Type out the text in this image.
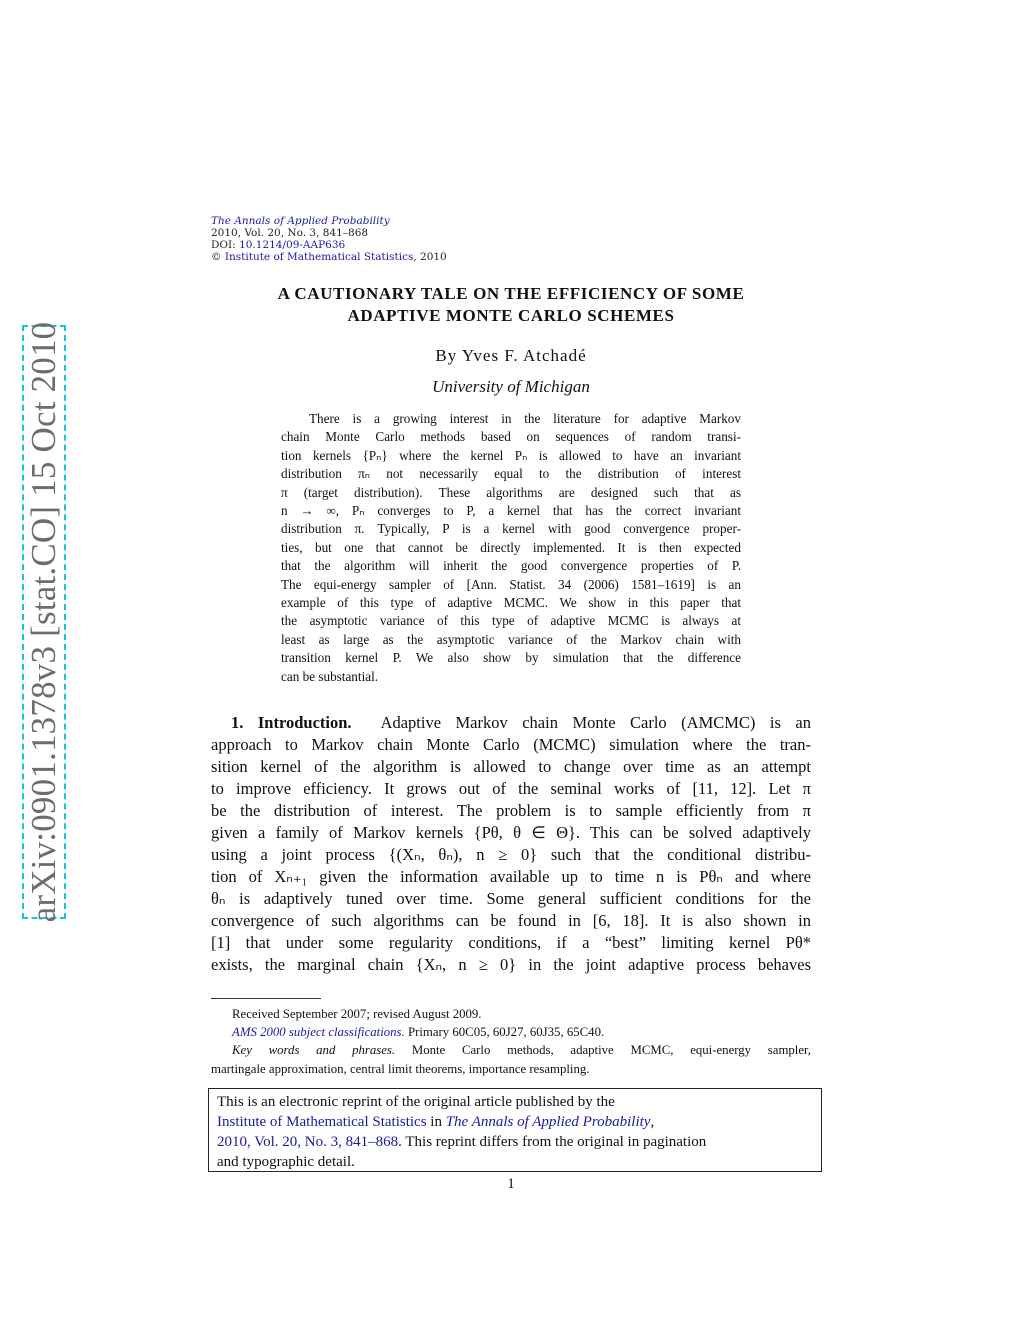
arXiv:0901.1378v3 [stat.CO] 15 Oct 2010
The Annals of Applied Probability
2010, Vol. 20, No. 3, 841–868
DOI: 10.1214/09-AAP636
© Institute of Mathematical Statistics, 2010
A CAUTIONARY TALE ON THE EFFICIENCY OF SOME
ADAPTIVE MONTE CARLO SCHEMES
By Yves F. Atchadé
University of Michigan
There is a growing interest in the literature for adaptive Markov
chain Monte Carlo methods based on sequences of random transi-
tion kernels {Pₙ} where the kernel Pₙ is allowed to have an invariant
distribution πₙ not necessarily equal to the distribution of interest
π (target distribution). These algorithms are designed such that as
n → ∞, Pₙ converges to P, a kernel that has the correct invariant
distribution π. Typically, P is a kernel with good convergence proper-
ties, but one that cannot be directly implemented. It is then expected
that the algorithm will inherit the good convergence properties of P.
The equi-energy sampler of [Ann. Statist. 34 (2006) 1581–1619] is an
example of this type of adaptive MCMC. We show in this paper that
the asymptotic variance of this type of adaptive MCMC is always at
least as large as the asymptotic variance of the Markov chain with
transition kernel P. We also show by simulation that the difference
can be substantial.
1. Introduction. Adaptive Markov chain Monte Carlo (AMCMC) is an
approach to Markov chain Monte Carlo (MCMC) simulation where the tran-
sition kernel of the algorithm is allowed to change over time as an attempt
to improve efficiency. It grows out of the seminal works of [11, 12]. Let π
be the distribution of interest. The problem is to sample efficiently from π
given a family of Markov kernels {Pθ, θ ∈ Θ}. This can be solved adaptively
using a joint process {(Xₙ, θₙ), n ≥ 0} such that the conditional distribu-
tion of Xₙ₊₁ given the information available up to time n is Pθₙ and where
θₙ is adaptively tuned over time. Some general sufficient conditions for the
convergence of such algorithms can be found in [6, 18]. It is also shown in
[1] that under some regularity conditions, if a “best” limiting kernel Pθ*
exists, the marginal chain {Xₙ, n ≥ 0} in the joint adaptive process behaves
Received September 2007; revised August 2009.
AMS 2000 subject classifications. Primary 60C05, 60J27, 60J35, 65C40.
Key words and phrases. Monte Carlo methods, adaptive MCMC, equi-energy sampler,
martingale approximation, central limit theorems, importance resampling.
This is an electronic reprint of the original article published by the
Institute of Mathematical Statistics in The Annals of Applied Probability,
2010, Vol. 20, No. 3, 841–868. This reprint differs from the original in pagination
and typographic detail.
1
